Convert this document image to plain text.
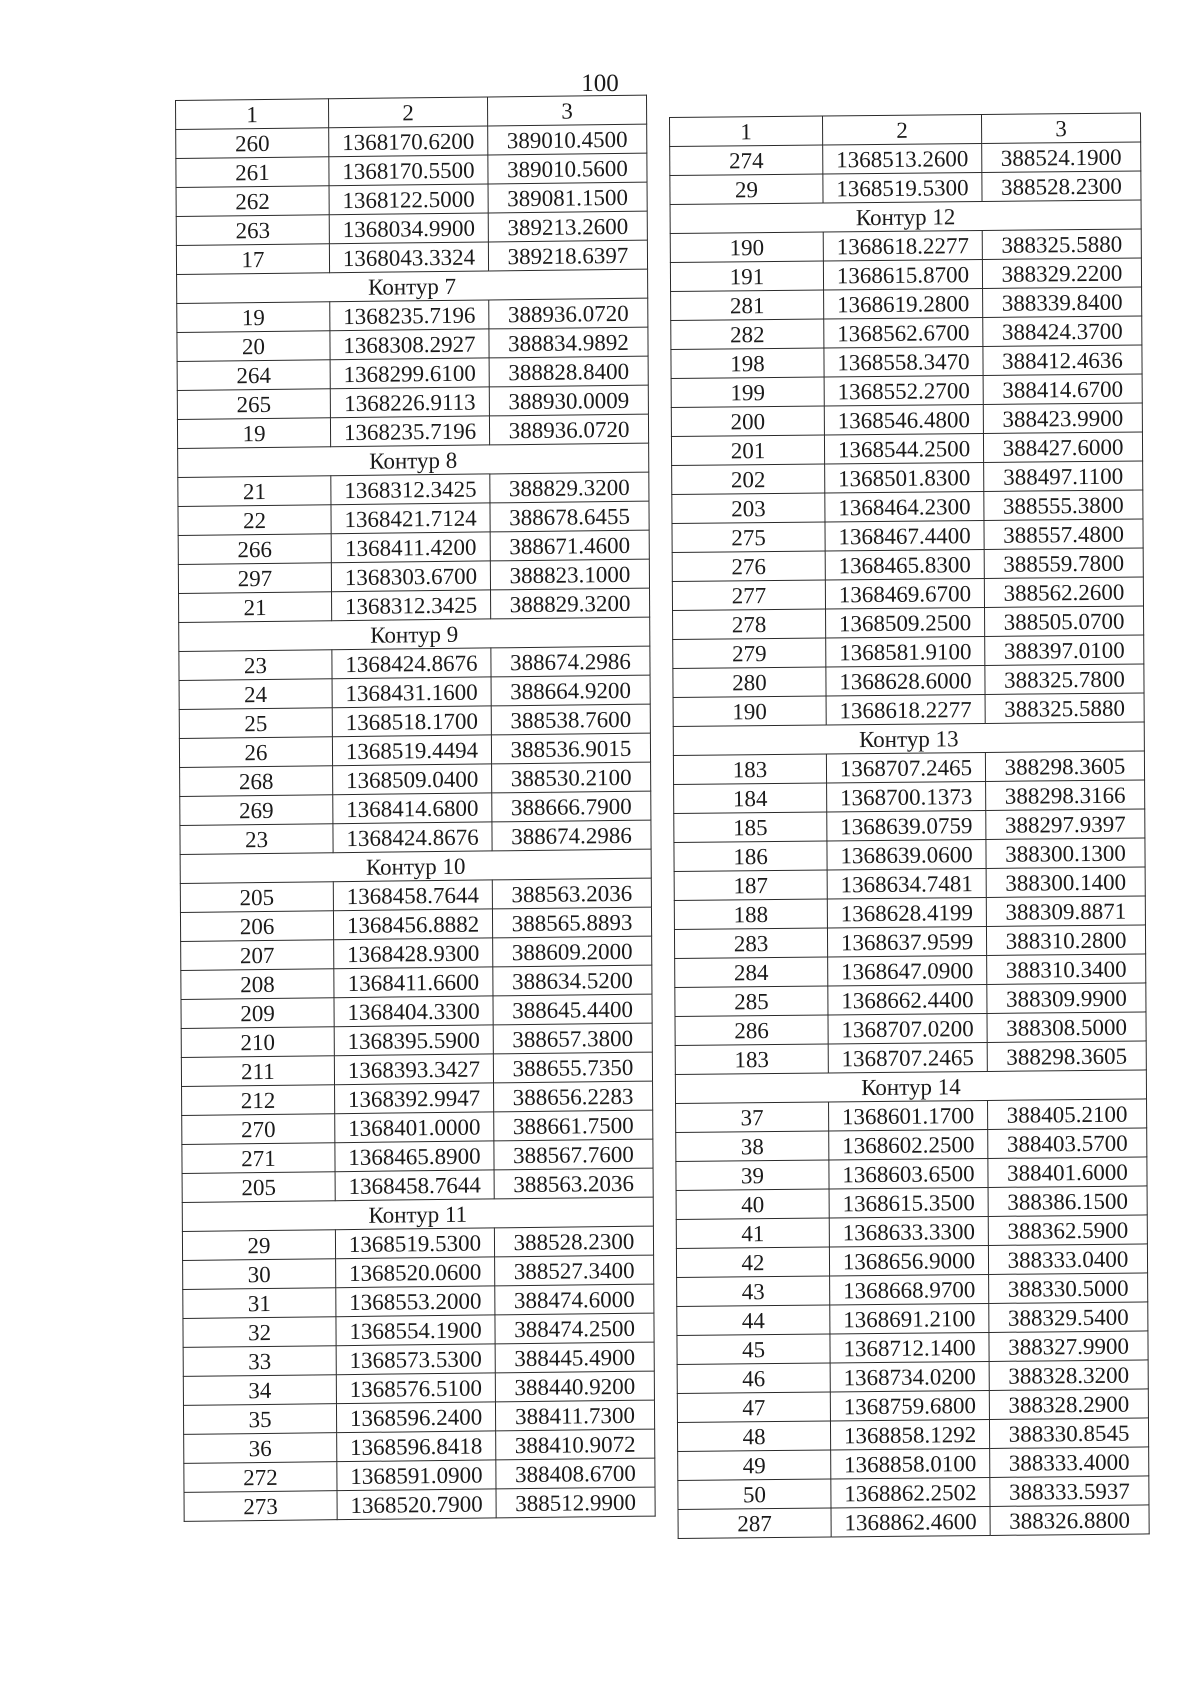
100
1	2	3
260	1368170.6200	389010.4500
261	1368170.5500	389010.5600
262	1368122.5000	389081.1500
263	1368034.9900	389213.2600
17	1368043.3324	389218.6397
Контур 7		
19	1368235.7196	388936.0720
20	1368308.2927	388834.9892
264	1368299.6100	388828.8400
265	1368226.9113	388930.0009
19	1368235.7196	388936.0720
Контур 8		
21	1368312.3425	388829.3200
22	1368421.7124	388678.6455
266	1368411.4200	388671.4600
297	1368303.6700	388823.1000
21	1368312.3425	388829.3200
Контур 9		
23	1368424.8676	388674.2986
24	1368431.1600	388664.9200
25	1368518.1700	388538.7600
26	1368519.4494	388536.9015
268	1368509.0400	388530.2100
269	1368414.6800	388666.7900
23	1368424.8676	388674.2986
Контур 10		
205	1368458.7644	388563.2036
206	1368456.8882	388565.8893
207	1368428.9300	388609.2000
208	1368411.6600	388634.5200
209	1368404.3300	388645.4400
210	1368395.5900	388657.3800
211	1368393.3427	388655.7350
212	1368392.9947	388656.2283
270	1368401.0000	388661.7500
271	1368465.8900	388567.7600
205	1368458.7644	388563.2036
Контур 11		
29	1368519.5300	388528.2300
30	1368520.0600	388527.3400
31	1368553.2000	388474.6000
32	1368554.1900	388474.2500
33	1368573.5300	388445.4900
34	1368576.5100	388440.9200
35	1368596.2400	388411.7300
36	1368596.8418	388410.9072
272	1368591.0900	388408.6700
273	1368520.7900	388512.9900
1	2	3
274	1368513.2600	388524.1900
29	1368519.5300	388528.2300
Контур 12		
190	1368618.2277	388325.5880
191	1368615.8700	388329.2200
281	1368619.2800	388339.8400
282	1368562.6700	388424.3700
198	1368558.3470	388412.4636
199	1368552.2700	388414.6700
200	1368546.4800	388423.9900
201	1368544.2500	388427.6000
202	1368501.8300	388497.1100
203	1368464.2300	388555.3800
275	1368467.4400	388557.4800
276	1368465.8300	388559.7800
277	1368469.6700	388562.2600
278	1368509.2500	388505.0700
279	1368581.9100	388397.0100
280	1368628.6000	388325.7800
190	1368618.2277	388325.5880
Контур 13		
183	1368707.2465	388298.3605
184	1368700.1373	388298.3166
185	1368639.0759	388297.9397
186	1368639.0600	388300.1300
187	1368634.7481	388300.1400
188	1368628.4199	388309.8871
283	1368637.9599	388310.2800
284	1368647.0900	388310.3400
285	1368662.4400	388309.9900
286	1368707.0200	388308.5000
183	1368707.2465	388298.3605
Контур 14		
37	1368601.1700	388405.2100
38	1368602.2500	388403.5700
39	1368603.6500	388401.6000
40	1368615.3500	388386.1500
41	1368633.3300	388362.5900
42	1368656.9000	388333.0400
43	1368668.9700	388330.5000
44	1368691.2100	388329.5400
45	1368712.1400	388327.9900
46	1368734.0200	388328.3200
47	1368759.6800	388328.2900
48	1368858.1292	388330.8545
49	1368858.0100	388333.4000
50	1368862.2502	388333.5937
287	1368862.4600	388326.8800
